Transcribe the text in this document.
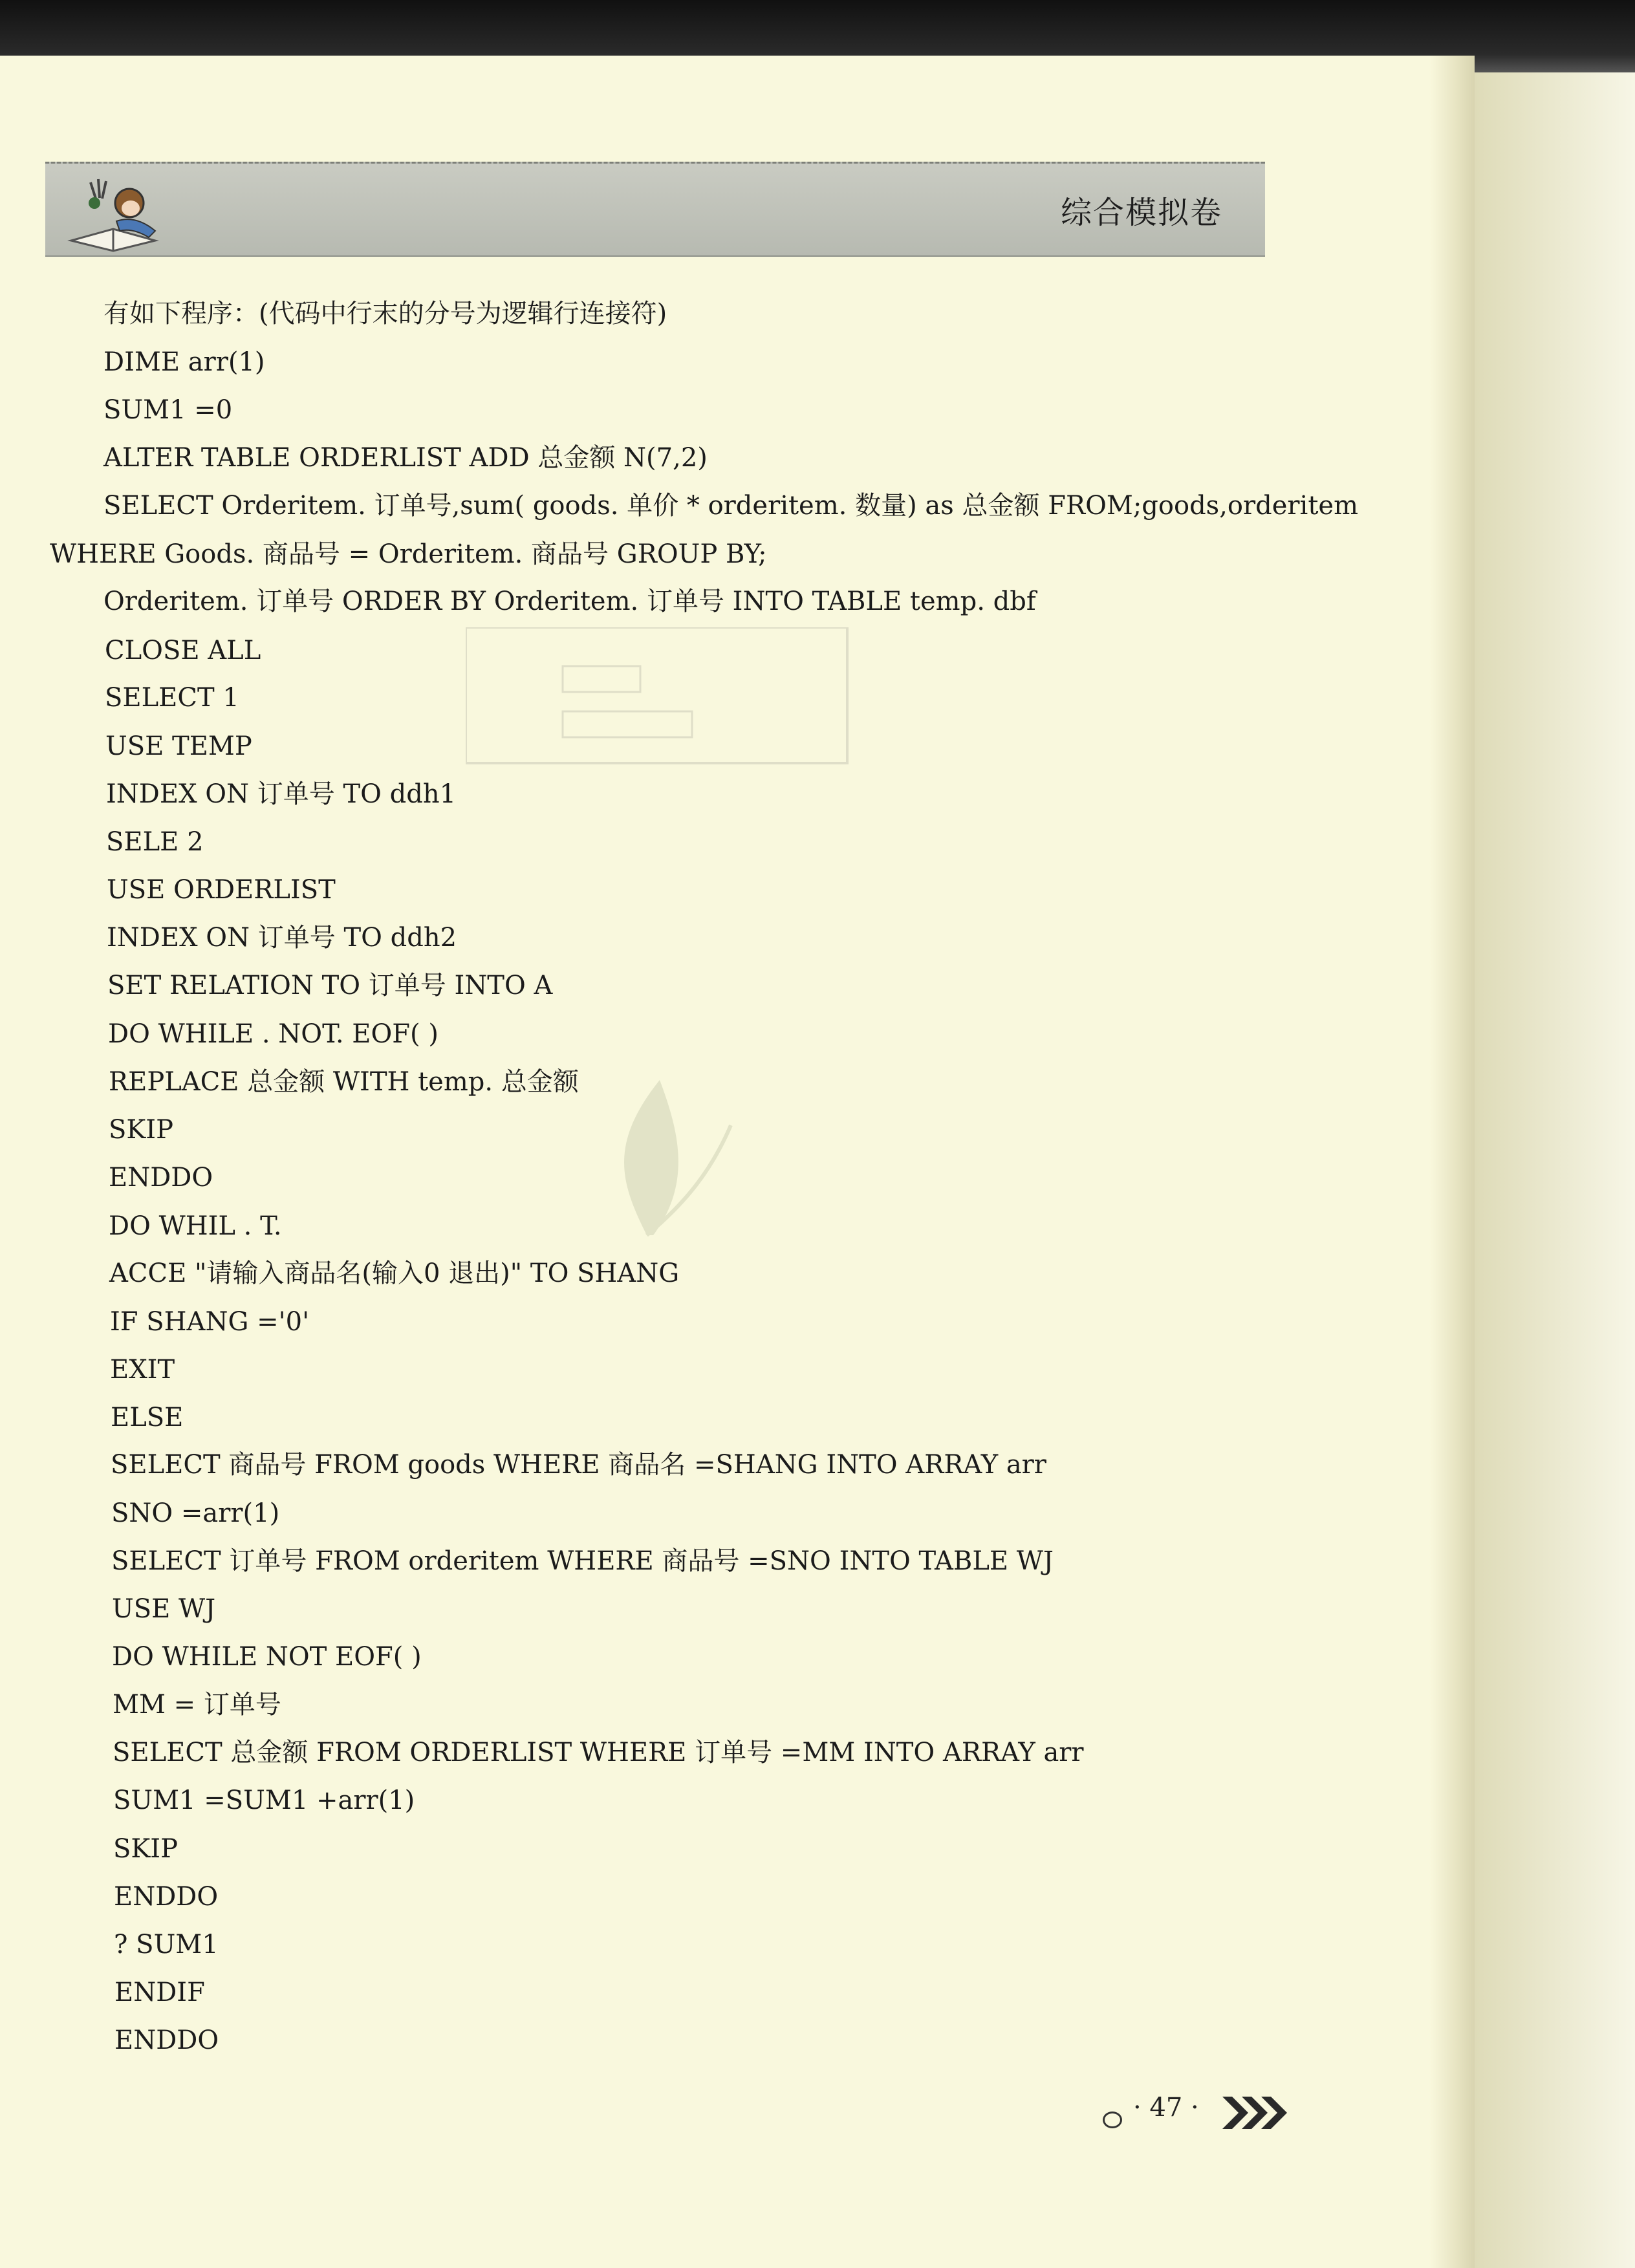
综合模拟卷
有如下程序：(代码中行末的分号为逻辑行连接符)
DIME arr(1)
SUM1 =0
ALTER TABLE ORDERLIST ADD 总金额 N(7,2)
SELECT Orderitem. 订单号,sum( goods. 单价 * orderitem. 数量) as 总金额 FROM;goods,orderitem
WHERE Goods. 商品号 = Orderitem. 商品号 GROUP BY;
Orderitem. 订单号 ORDER BY Orderitem. 订单号 INTO TABLE temp. dbf
CLOSE ALL
SELECT 1
USE TEMP
INDEX ON 订单号 TO ddh1
SELE 2
USE ORDERLIST
INDEX ON 订单号 TO ddh2
SET RELATION TO 订单号 INTO A
DO WHILE . NOT. EOF( )
REPLACE 总金额 WITH temp. 总金额
SKIP
ENDDO
DO WHIL . T.
ACCE "请输入商品名(输入0 退出)" TO SHANG
IF SHANG ='0'
EXIT
ELSE
SELECT 商品号 FROM goods WHERE 商品名 =SHANG INTO ARRAY arr
SNO =arr(1)
SELECT 订单号 FROM orderitem WHERE 商品号 =SNO INTO TABLE WJ
USE WJ
DO WHILE NOT EOF( )
MM = 订单号
SELECT 总金额 FROM ORDERLIST WHERE 订单号 =MM INTO ARRAY arr
SUM1 =SUM1 +arr(1)
SKIP
ENDDO
? SUM1
ENDIF
ENDDO
· 47 ·
